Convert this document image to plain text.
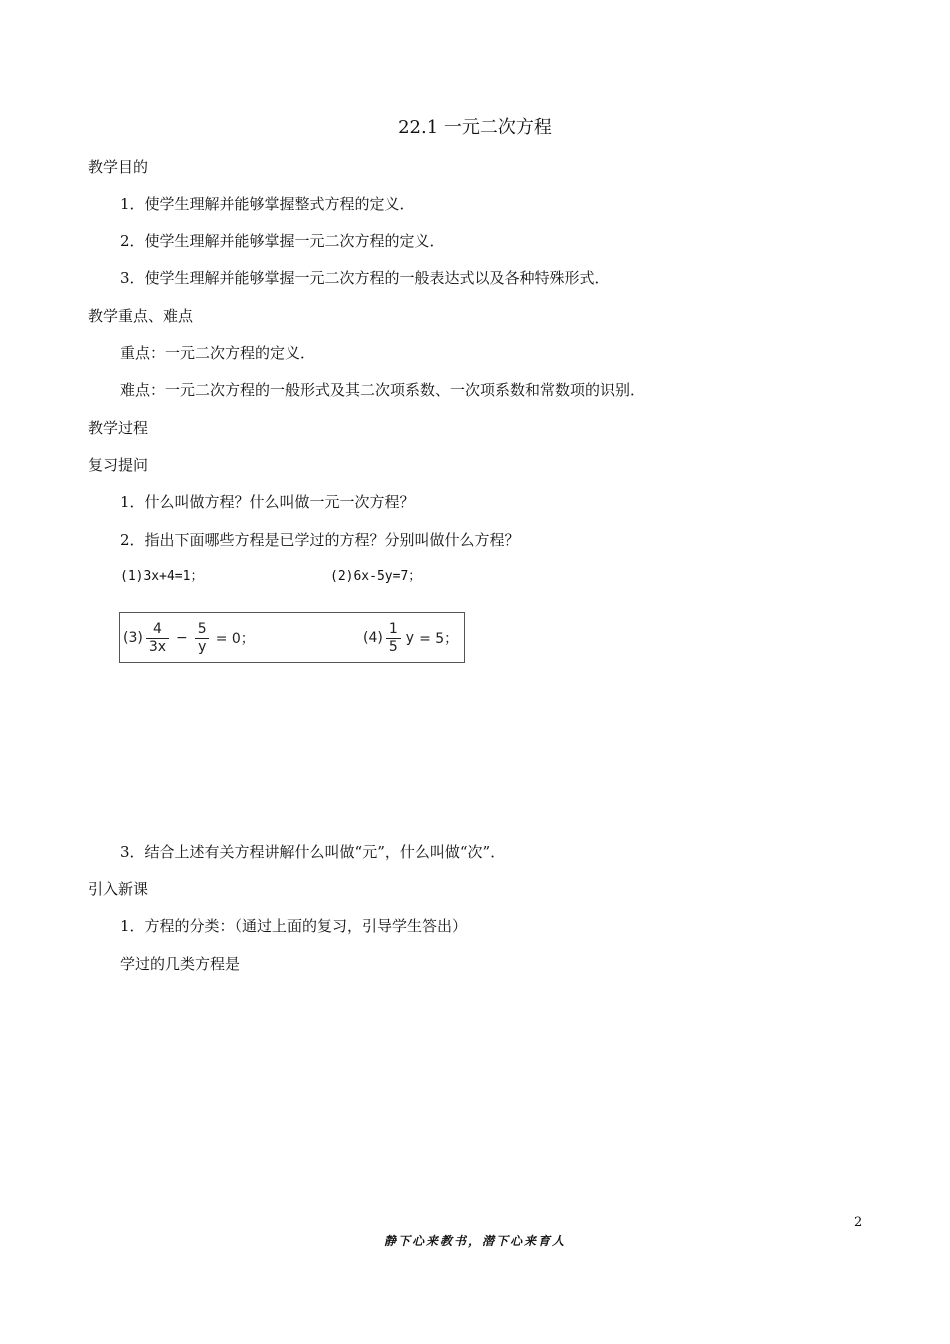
22.1 一元二次方程
教学目的
1．使学生理解并能够掌握整式方程的定义．
2．使学生理解并能够掌握一元二次方程的定义．
3．使学生理解并能够掌握一元二次方程的一般表达式以及各种特殊形式．
教学重点、难点
重点：一元二次方程的定义．
难点：一元二次方程的一般形式及其二次项系数、一次项系数和常数项的识别．
教学过程
复习提问
1．什么叫做方程？什么叫做一元一次方程？
2．指出下面哪些方程是已学过的方程？分别叫做什么方程？
(1)3x+4=1；	(2)6x-5y=7；
$(3) \frac{4}{3x} - \frac{5}{y} = 0$；	$(4) \frac{1}{5}$ y = 5；
3．结合上述有关方程讲解什么叫做“元”，什么叫做“次”．
引入新课
1．方程的分类：（通过上面的复习，引导学生答出）
学过的几类方程是
2
静下心来教书，潜下心来育人
